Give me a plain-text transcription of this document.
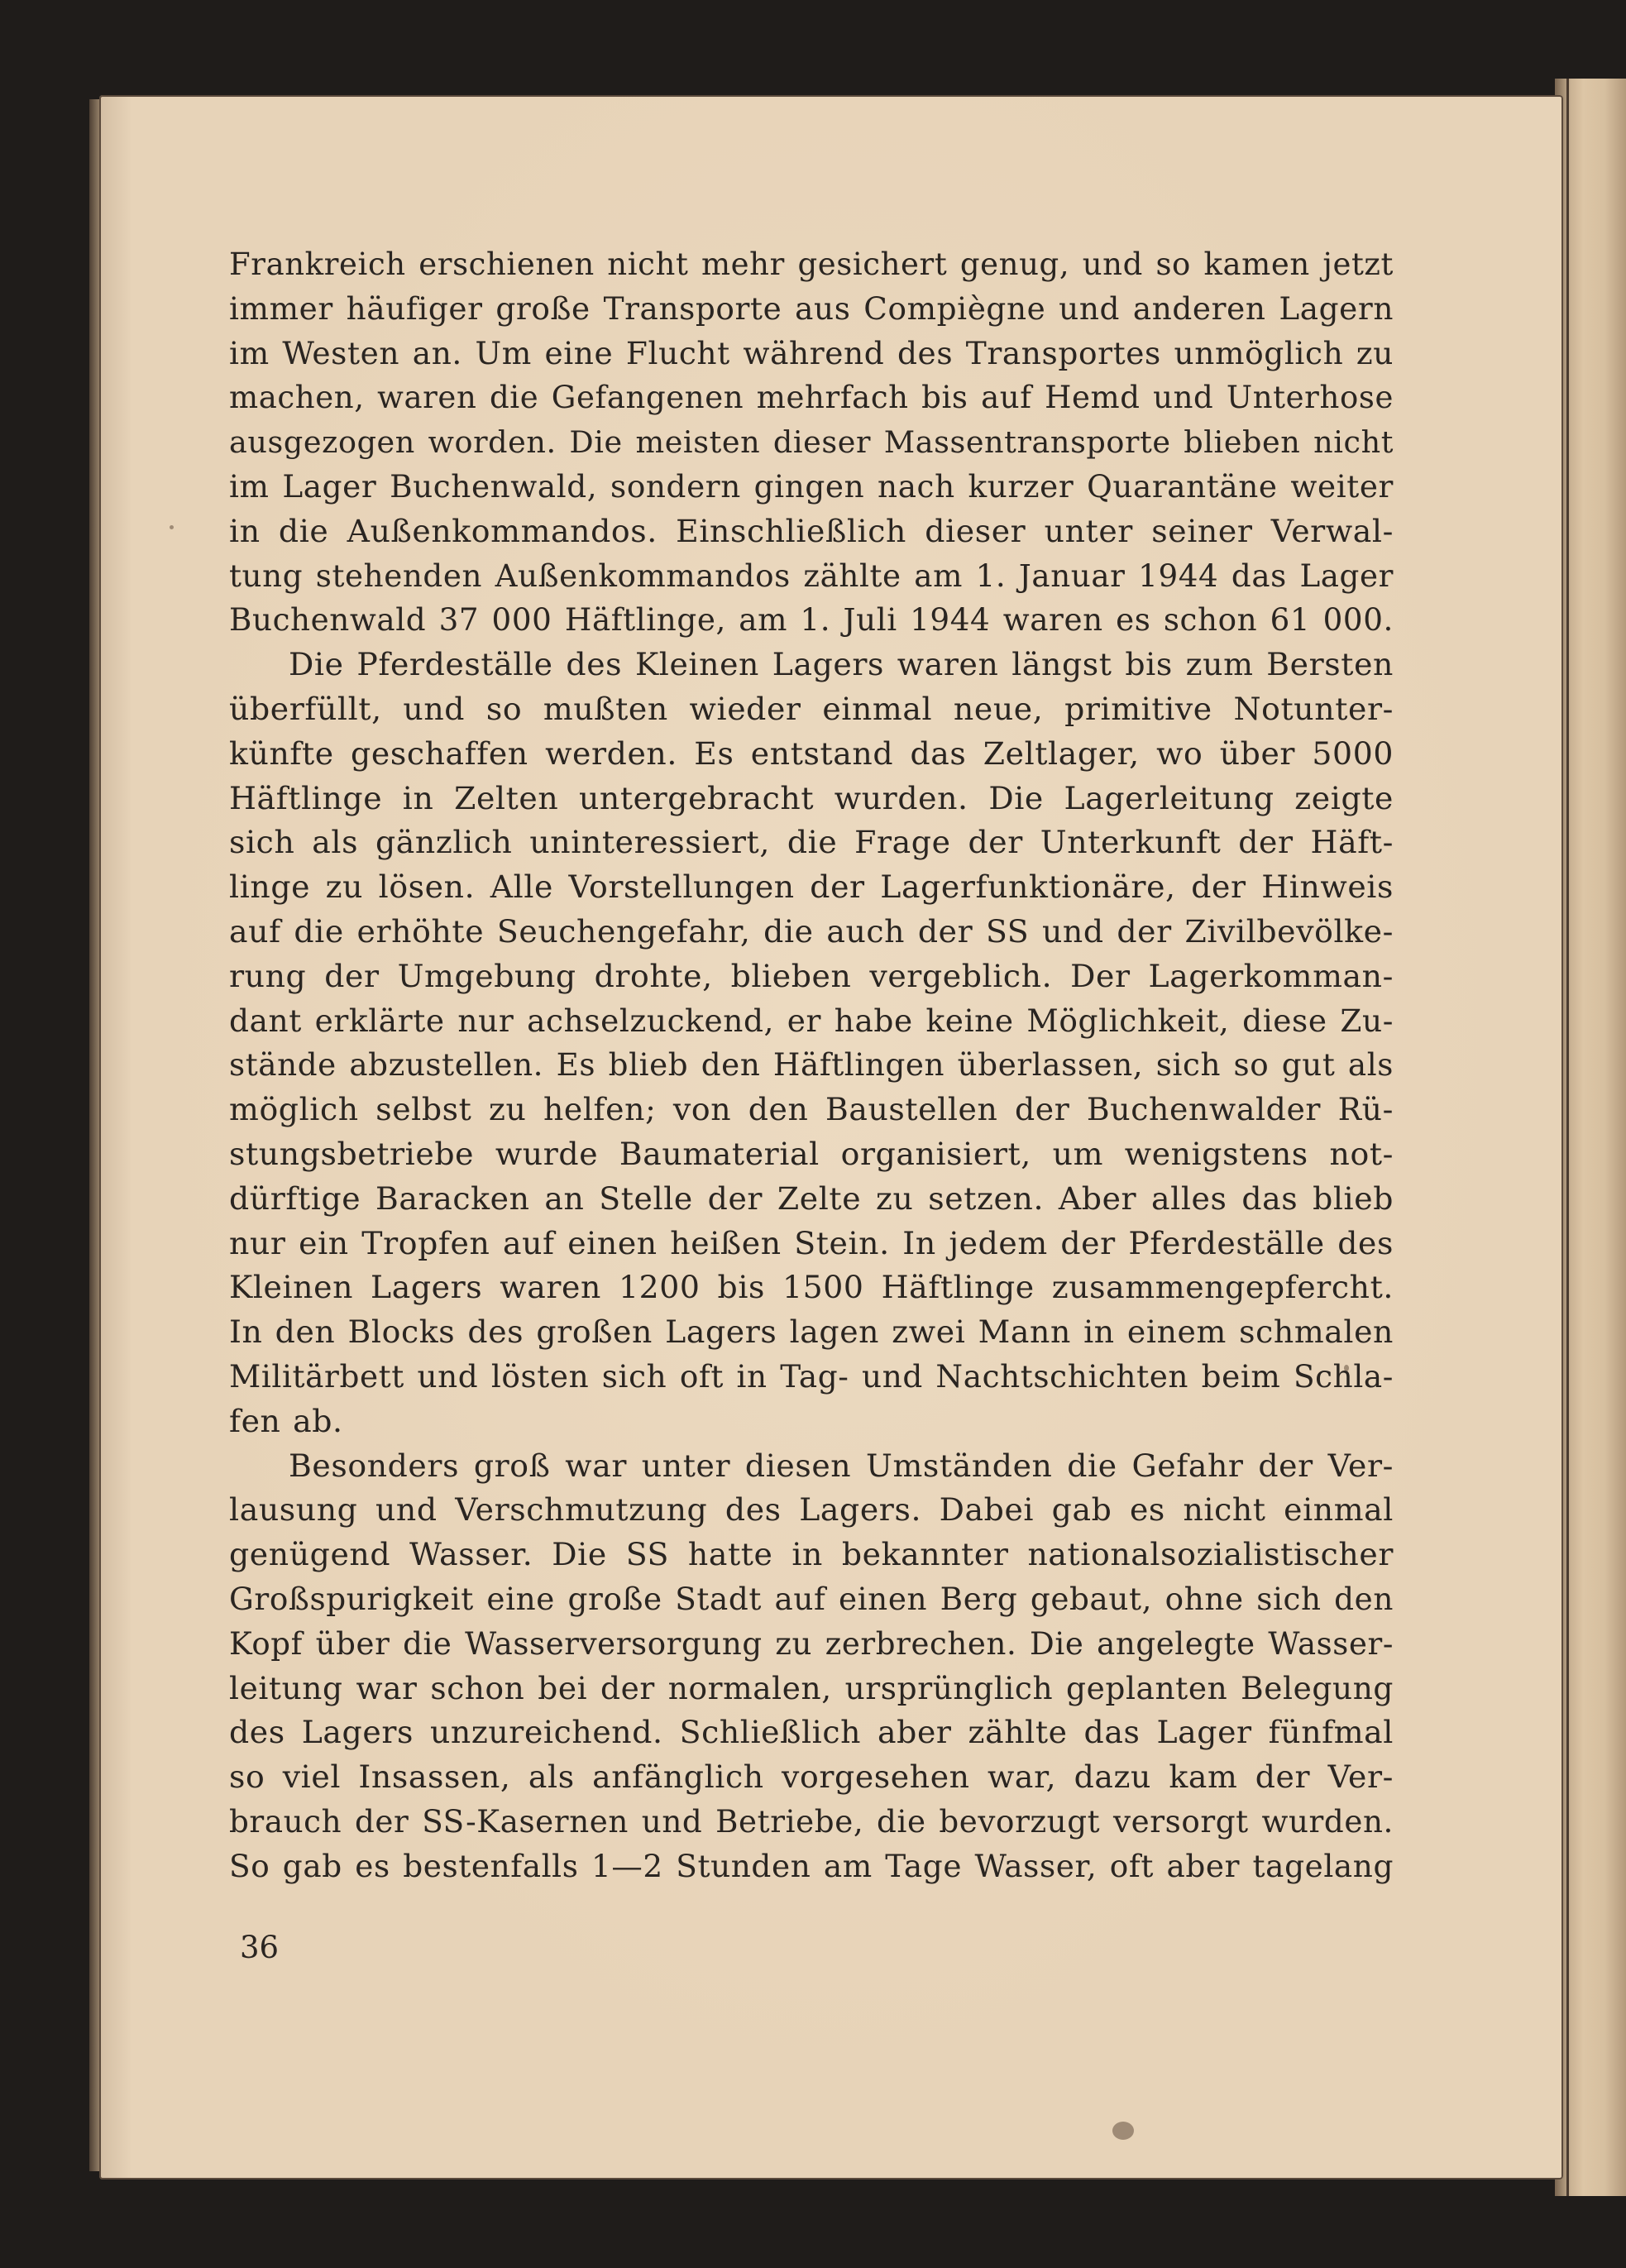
Frankreich erschienen nicht mehr gesichert genug, und so kamen jetzt
immer häufiger große Transporte aus Compiègne und anderen Lagern
im Westen an. Um eine Flucht während des Transportes unmöglich zu
machen, waren die Gefangenen mehrfach bis auf Hemd und Unterhose
ausgezogen worden. Die meisten dieser Massentransporte blieben nicht
im Lager Buchenwald, sondern gingen nach kurzer Quarantäne weiter
in die Außenkommandos. Einschließlich dieser unter seiner Verwal-
tung stehenden Außenkommandos zählte am 1. Januar 1944 das Lager
Buchenwald 37 000 Häftlinge, am 1. Juli 1944 waren es schon 61 000.
Die Pferdeställe des Kleinen Lagers waren längst bis zum Bersten
überfüllt, und so mußten wieder einmal neue, primitive Notunter-
künfte geschaffen werden. Es entstand das Zeltlager, wo über 5000
Häftlinge in Zelten untergebracht wurden. Die Lagerleitung zeigte
sich als gänzlich uninteressiert, die Frage der Unterkunft der Häft-
linge zu lösen. Alle Vorstellungen der Lagerfunktionäre, der Hinweis
auf die erhöhte Seuchengefahr, die auch der SS und der Zivilbevölke-
rung der Umgebung drohte, blieben vergeblich. Der Lagerkomman-
dant erklärte nur achselzuckend, er habe keine Möglichkeit, diese Zu-
stände abzustellen. Es blieb den Häftlingen überlassen, sich so gut als
möglich selbst zu helfen; von den Baustellen der Buchenwalder Rü-
stungsbetriebe wurde Baumaterial organisiert, um wenigstens not-
dürftige Baracken an Stelle der Zelte zu setzen. Aber alles das blieb
nur ein Tropfen auf einen heißen Stein. In jedem der Pferdeställe des
Kleinen Lagers waren 1200 bis 1500 Häftlinge zusammengepfercht.
In den Blocks des großen Lagers lagen zwei Mann in einem schmalen
Militärbett und lösten sich oft in Tag- und Nachtschichten beim Schla-
fen ab.
Besonders groß war unter diesen Umständen die Gefahr der Ver-
lausung und Verschmutzung des Lagers. Dabei gab es nicht einmal
genügend Wasser. Die SS hatte in bekannter nationalsozialistischer
Großspurigkeit eine große Stadt auf einen Berg gebaut, ohne sich den
Kopf über die Wasserversorgung zu zerbrechen. Die angelegte Wasser-
leitung war schon bei der normalen, ursprünglich geplanten Belegung
des Lagers unzureichend. Schließlich aber zählte das Lager fünfmal
so viel Insassen, als anfänglich vorgesehen war, dazu kam der Ver-
brauch der SS-Kasernen und Betriebe, die bevorzugt versorgt wurden.
So gab es bestenfalls 1—2 Stunden am Tage Wasser, oft aber tagelang
36
